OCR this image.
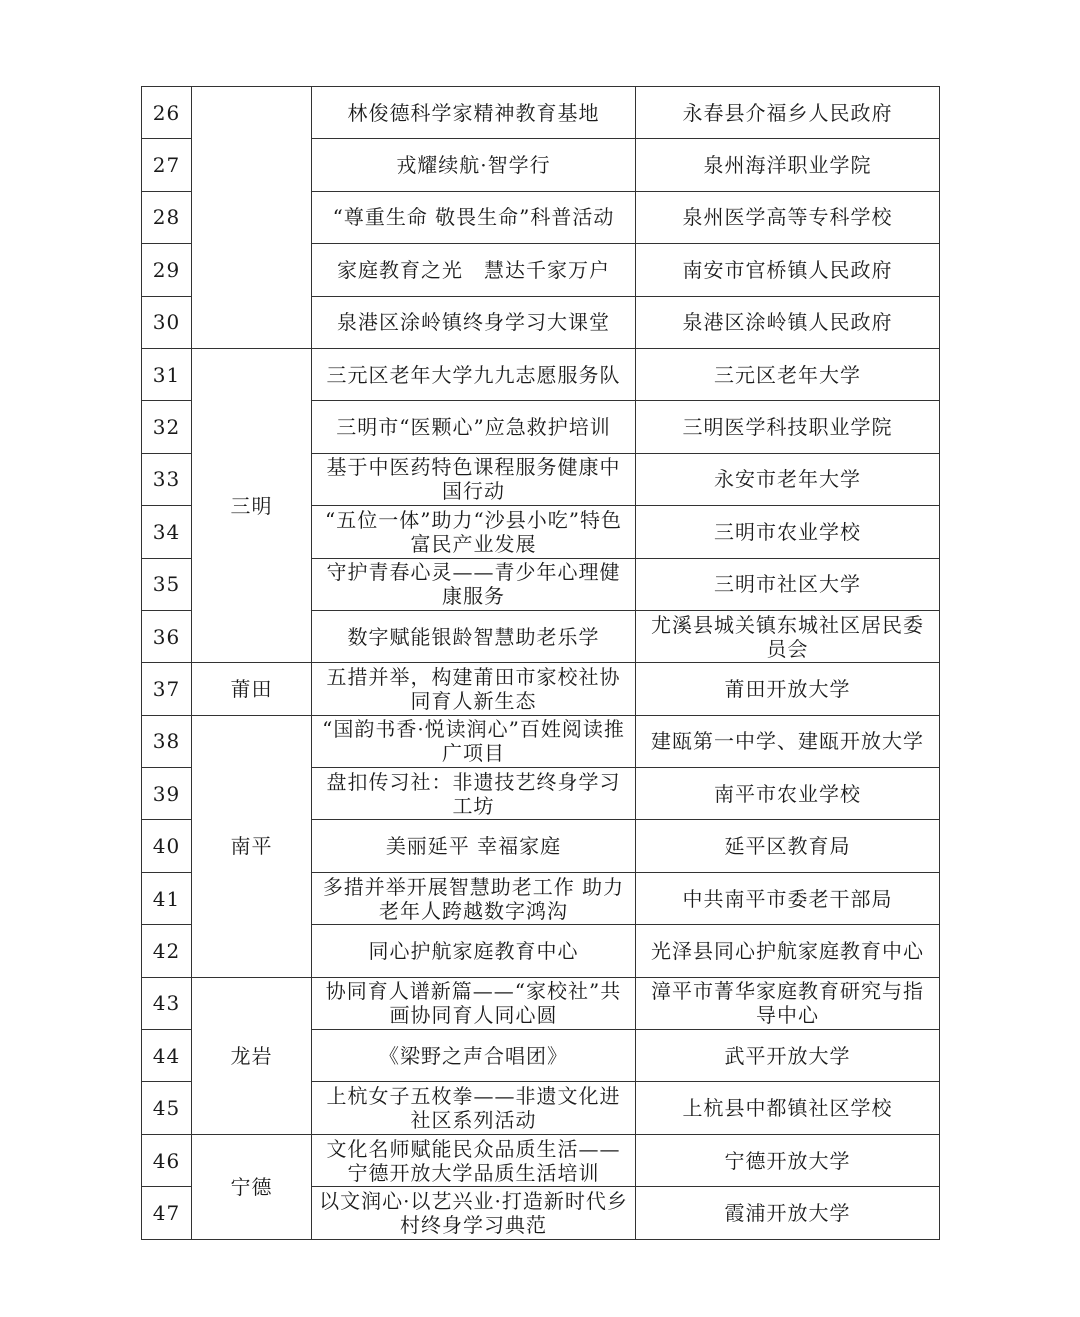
26		林俊德科学家精神教育基地	永春县介福乡人民政府
27		戎耀续航·智学行	泉州海洋职业学院
28		“尊重生命 敬畏生命”科普活动	泉州医学高等专科学校
29		家庭教育之光　慧达千家万户	南安市官桥镇人民政府
30		泉港区涂岭镇终身学习大课堂	泉港区涂岭镇人民政府
31	三明	三元区老年大学九九志愿服务队	三元区老年大学
32		三明市“医颗心”应急救护培训	三明医学科技职业学院
33		基于中医药特色课程服务健康中国行动	永安市老年大学
34		“五位一体”助力“沙县小吃”特色富民产业发展	三明市农业学校
35		守护青春心灵——青少年心理健康服务	三明市社区大学
36		数字赋能银龄智慧助老乐学	尤溪县城关镇东城社区居民委员会
37	莆田	五措并举，构建莆田市家校社协同育人新生态	莆田开放大学
38	南平	“国韵书香·悦读润心”百姓阅读推广项目	建瓯第一中学、建瓯开放大学
39		盘扣传习社：非遗技艺终身学习工坊	南平市农业学校
40		美丽延平 幸福家庭	延平区教育局
41		多措并举开展智慧助老工作 助力老年人跨越数字鸿沟	中共南平市委老干部局
42		同心护航家庭教育中心	光泽县同心护航家庭教育中心
43	龙岩	协同育人谱新篇——“家校社”共画协同育人同心圆	漳平市菁华家庭教育研究与指导中心
44		《梁野之声合唱团》	武平开放大学
45		上杭女子五枚拳——非遗文化进社区系列活动	上杭县中都镇社区学校
46	宁德	文化名师赋能民众品质生活——宁德开放大学品质生活培训	宁德开放大学
47		以文润心·以艺兴业·打造新时代乡村终身学习典范	霞浦开放大学
